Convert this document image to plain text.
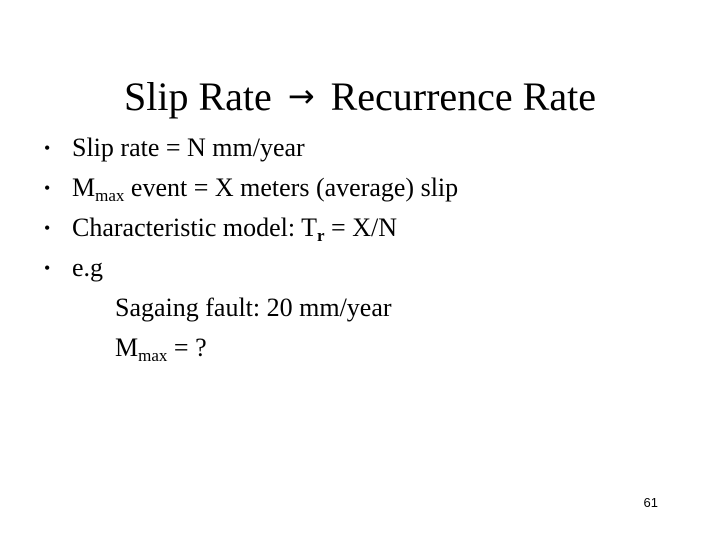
Slip Rate → Recurrence Rate
• Slip rate = N mm/year
• $M_{max}$ event = X meters (average) slip
• Characteristic model: $T_r = X/N$
• e.g
Sagaing fault: 20 mm/year
$M_{max}$ = ?
61
